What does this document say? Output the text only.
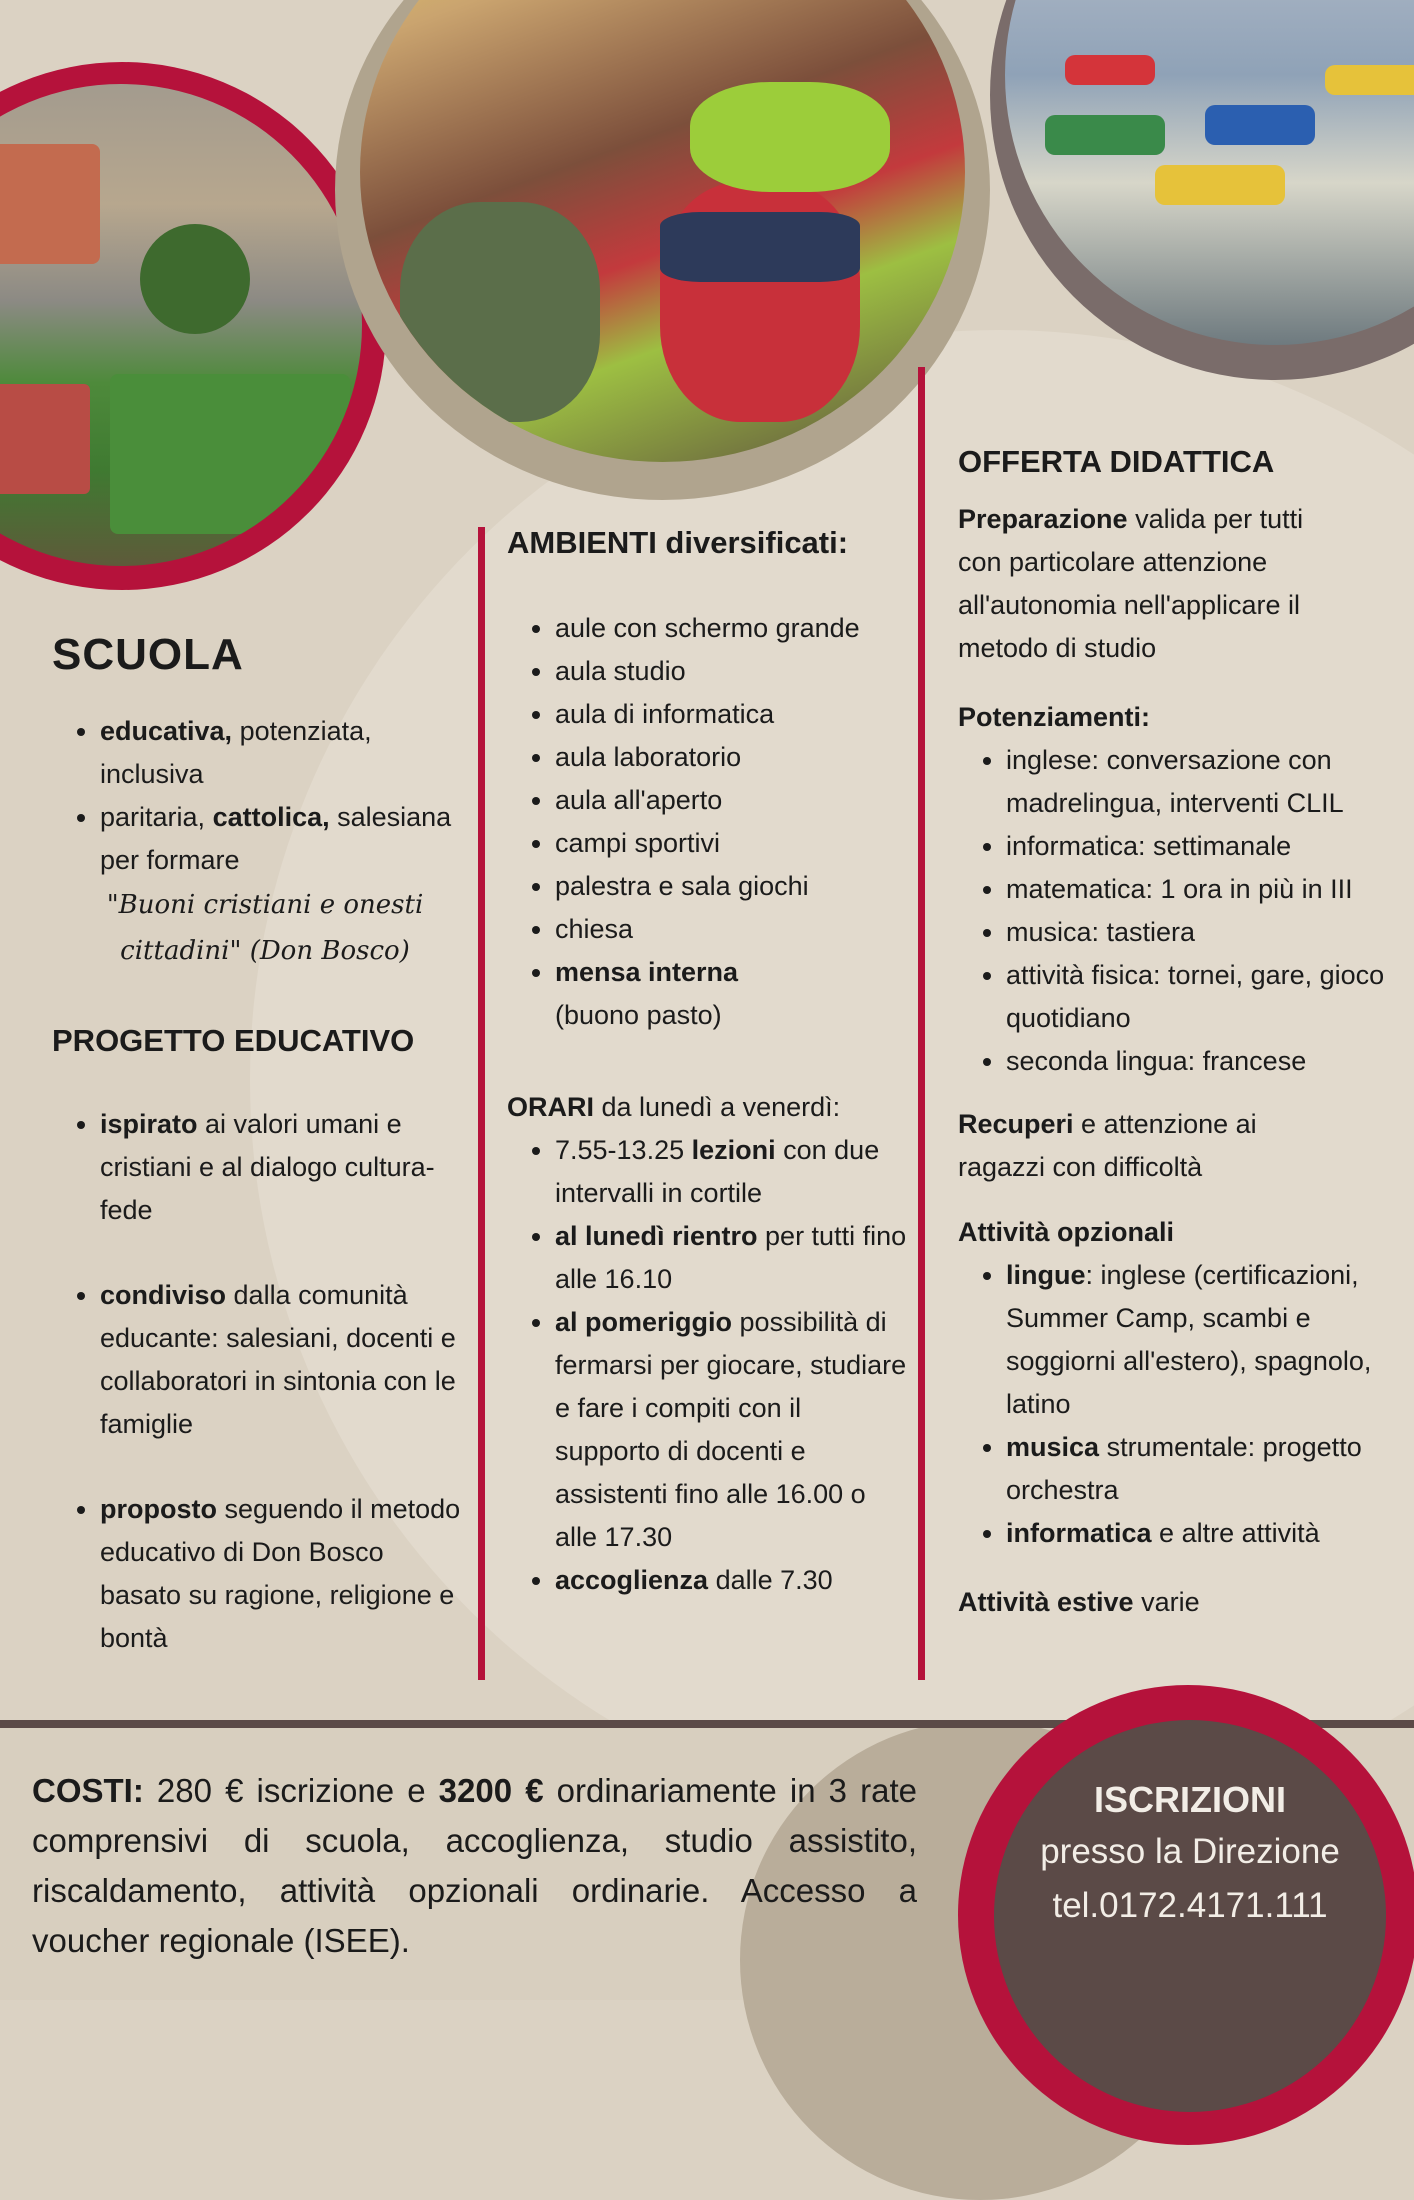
SCUOLA
• educativa, potenziata, inclusiva
• paritaria, cattolica, salesiana per formare
"Buoni cristiani e onesti cittadini" (Don Bosco)
PROGETTO EDUCATIVO
• ispirato ai valori umani e cristiani e al dialogo cultura-fede
• condiviso dalla comunità educante: salesiani, docenti e collaboratori in sintonia con le famiglie
• proposto seguendo il metodo educativo di Don Bosco basato su ragione, religione e bontà
AMBIENTI diversificati:
• aule con schermo grande
• aula studio
• aula di informatica
• aula laboratorio
• aula all'aperto
• campi sportivi
• palestra e sala giochi
• chiesa
• mensa interna
(buono pasto)
ORARI da lunedì a venerdì:
• 7.55-13.25 lezioni con due intervalli in cortile
• al lunedì rientro per tutti fino alle 16.10
• al pomeriggio possibilità di fermarsi per giocare, studiare e fare i compiti con il supporto di docenti e assistenti fino alle 16.00 o alle 17.30
• accoglienza dalle 7.30
OFFERTA DIDATTICA
Preparazione valida per tutti con particolare attenzione all'autonomia nell'applicare il metodo di studio
Potenziamenti:
• inglese: conversazione con madrelingua, interventi CLIL
• informatica: settimanale
• matematica: 1 ora in più in III
• musica: tastiera
• attività fisica: tornei, gare, gioco quotidiano
• seconda lingua: francese
Recuperi e attenzione ai ragazzi con difficoltà
Attività opzionali
• lingue: inglese (certificazioni, Summer Camp, scambi e soggiorni all'estero), spagnolo, latino
• musica strumentale: progetto orchestra
• informatica e altre attività
Attività estive varie
COSTI: 280 € iscrizione e 3200 € ordinariamente in 3 rate comprensivi di scuola, accoglienza, studio assistito, riscaldamento, attività opzionali ordinarie. Accesso a voucher regionale (ISEE).
ISCRIZIONI
presso la Direzione
tel.0172.4171.111
